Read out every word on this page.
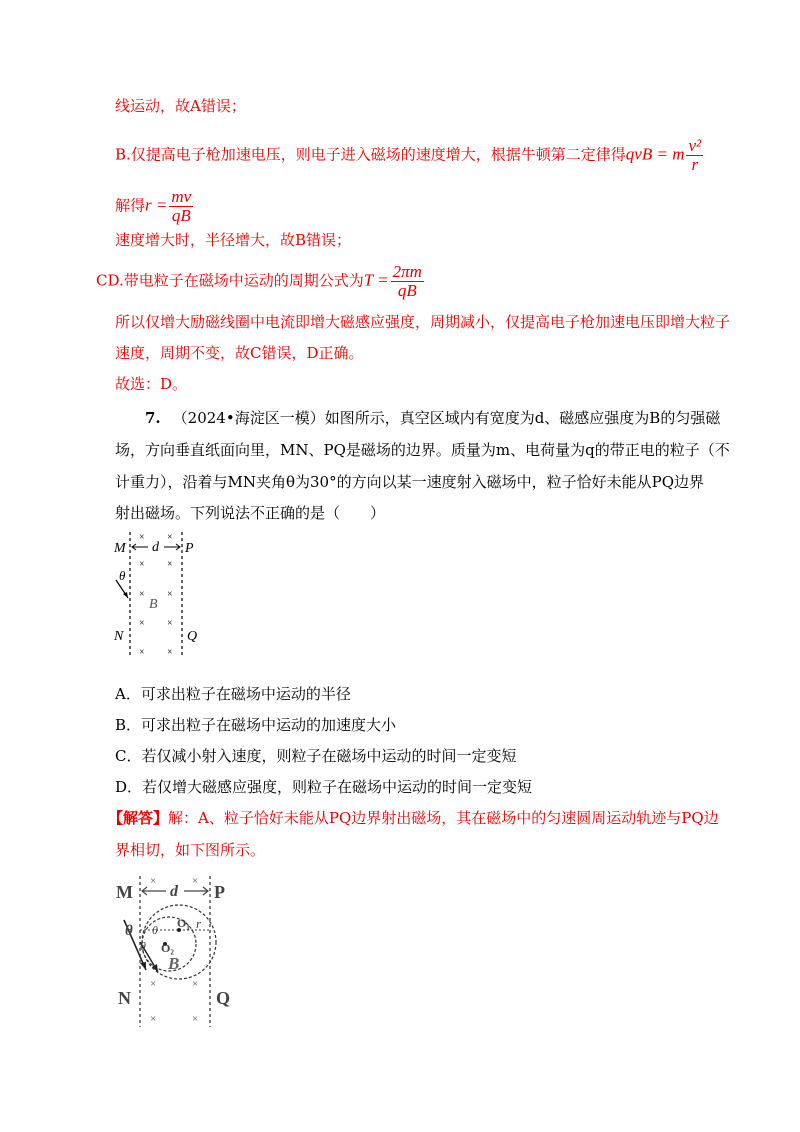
线运动，故A错误；
B.仅提高电子枪加速电压，则电子进入磁场的速度增大，根据牛顿第二定律得qvB = m $\frac{\text{v²}}{r}$
解得$r = \frac{mv}{qB}$
速度增大时，半径增大，故B错误；
CD.带电粒子在磁场中运动的周期公式为$T = \frac{2\pi m}{qB}$
所以仅增大励磁线圈中电流即增大磁感应强度，周期减小，仅提高电子枪加速电压即增大粒子
速度，周期不变，故C错误，D正确。
故选：D。
7. （2024•海淀区一模）如图所示，真空区域内有宽度为d、磁感应强度为B的匀强磁
场，方向垂直纸面向里，MN、PQ是磁场的边界。质量为m、电荷量为q的带正电的粒子（不
计重力），沿着与MN夹角θ为30°的方向以某一速度射入磁场中，粒子恰好未能从PQ边界
射出磁场。下列说法不正确的是（　　）
M	P
N	Q
d
B
θ
× ×
× ×
× ×
× ×
× ×
A．可求出粒子在磁场中运动的半径
B．可求出粒子在磁场中运动的加速度大小
C．若仅减小射入速度，则粒子在磁场中运动的时间一定变短
D．若仅增大磁感应强度，则粒子在磁场中运动的时间一定变短
【解答】解：A、粒子恰好未能从PQ边界射出磁场，其在磁场中的匀速圆周运动轨迹与PQ边
界相切，如下图所示。
M	P
N	Q
d
O₁
O₂
r
θ
θ
θ
B
×	×
×	×
×	×
